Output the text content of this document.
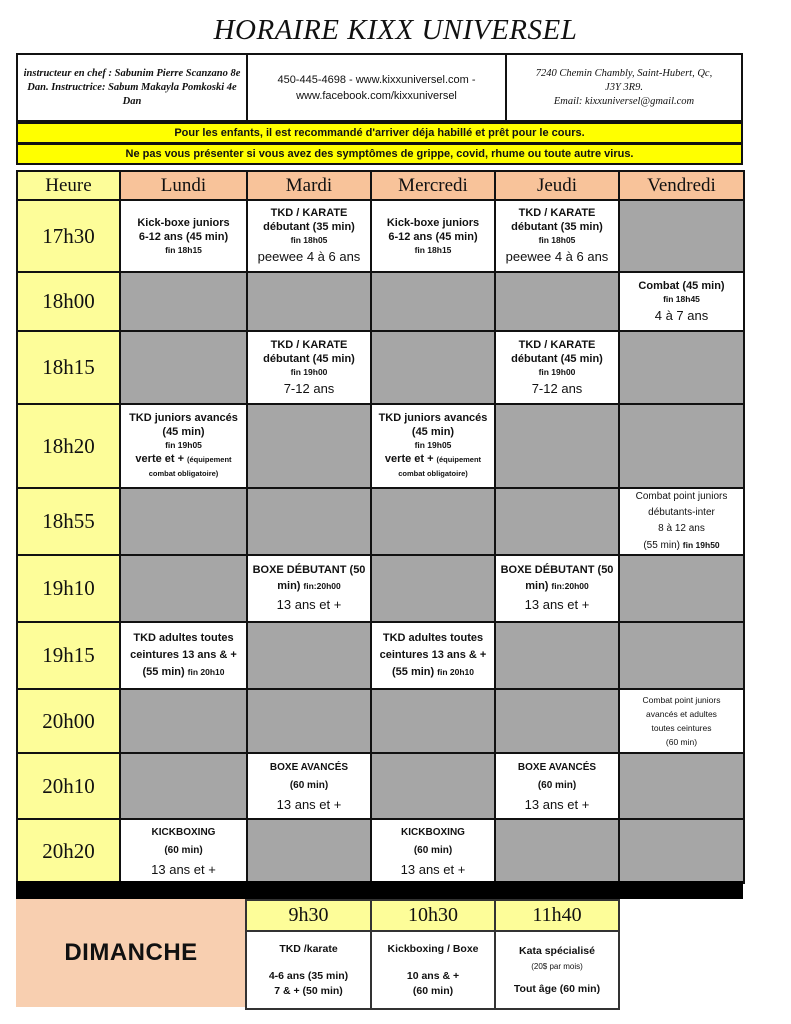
HORAIRE KIXX UNIVERSEL
instructeur en chef : Sabunim Pierre Scanzano 8e Dan. Instructrice: Sabum Makayla Pomkoski 4e Dan
450-445-4698 - www.kixxuniversel.com -
www.facebook.com/kixxuniversel
7240 Chemin Chambly, Saint-Hubert, Qc,
J3Y 3R9.
Email: kixxuniversel@gmail.com
Pour les enfants, il est recommandé d'arriver déja habillé et prêt pour le cours.
Ne pas vous présenter si vous avez des symptômes de grippe, covid, rhume ou toute autre virus.
Heure	Lundi	Mardi	Mercredi	Jeudi	Vendredi
17h30	Kick-boxe juniors
6-12 ans (45 min)
fin 18h15	TKD / KARATE
débutant (35 min)
fin 18h05
peewee 4 à 6 ans	Kick-boxe juniors
6-12 ans (45 min)
fin 18h15	TKD / KARATE
débutant (35 min)
fin 18h05
peewee 4 à 6 ans	

18h00					Combat (45 min)
fin 18h45
4 à 7 ans

18h15		TKD / KARATE
débutant (45 min)
fin 19h00
7-12 ans		TKD / KARATE
débutant (45 min)
fin 19h00
7-12 ans	

18h20	TKD juniors avancés
(45 min)
fin 19h05
verte et + (équipement
combat obligatoire)		TKD juniors avancés
(45 min)
fin 19h05
verte et + (équipement
combat obligatoire)		

18h55					Combat point juniors
débutants-inter
8 à 12 ans
(55 min) fin 19h50

19h10		BOXE DÉBUTANT (50
min) fin:20h00
13 ans et +		BOXE DÉBUTANT (50
min) fin:20h00
13 ans et +	

19h15	TKD adultes toutes
ceintures 13 ans & +
(55 min) fin 20h10		TKD adultes toutes
ceintures 13 ans & +
(55 min) fin 20h10		

20h00					Combat point juniors
avancés et adultes
toutes ceintures
(60 min)

20h10		BOXE AVANCÉS
(60 min)
13 ans et +		BOXE AVANCÉS
(60 min)
13 ans et +	

20h20	KICKBOXING
(60 min)
13 ans et +		KICKBOXING
(60 min)
13 ans et +		

DIMANCHE
9h30	10h30	11h40

TKD /karate
4-6 ans (35 min)
7 & + (50 min)	Kickboxing / Boxe
10 ans & +
(60 min)	Kata spécialisé
(20$ par mois)
Tout âge (60 min)
